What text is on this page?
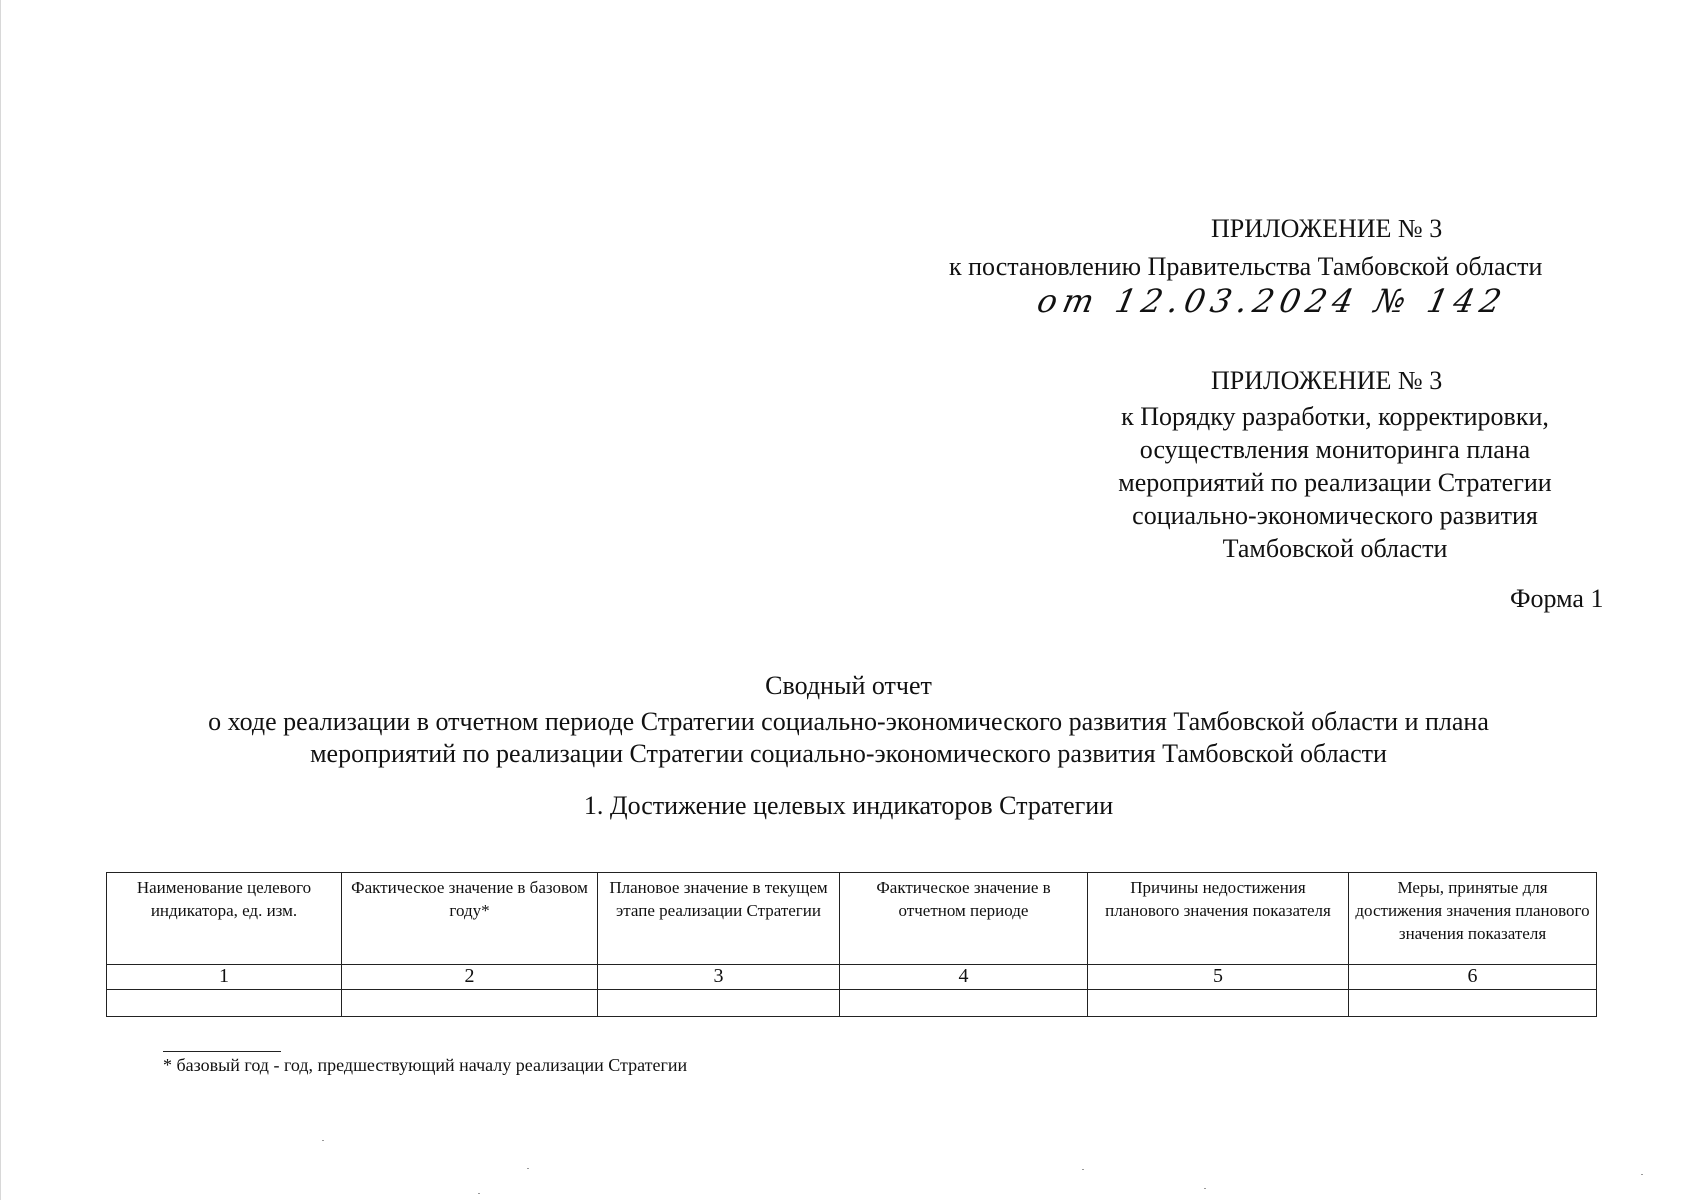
ПРИЛОЖЕНИЕ № 3
к постановлению Правительства Тамбовской области
от 12.03.2024 № 142
ПРИЛОЖЕНИЕ № 3
к Порядку разработки, корректировки,
осуществления мониторинга плана
мероприятий по реализации Стратегии
социально-экономического развития
Тамбовской области
Форма 1
Сводный отчет
о ходе реализации в отчетном периоде Стратегии социально-экономического развития Тамбовской области и плана
мероприятий по реализации Стратегии социально-экономического развития Тамбовской области
1. Достижение целевых индикаторов Стратегии
Наименование целевого индикатора, ед. изм.	Фактическое значение в базовом году*	Плановое значение в текущем этапе реализации Стратегии	Фактическое значение в отчетном периоде	Причины недостижения планового значения показателя	Меры, принятые для достижения значения планового значения показателя
1	2	3	4	5	6

* базовый год - год, предшествующий началу реализации Стратегии
